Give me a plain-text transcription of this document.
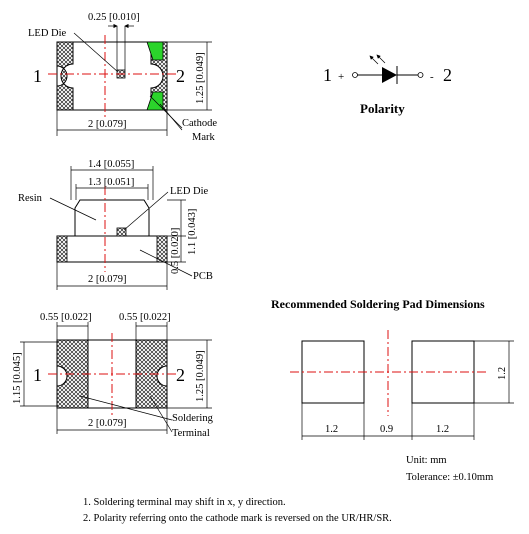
0.25 [0.010]
LED Die
1	2 1.25 [0.049]
2 [0.079]	Cathode
Mark
1 +	- 2
Polarity
1.4 [0.055]
1.3 [0.051]
Resin
LED Die
1.1 [0.043]
0.5 [0.020]
2 [0.079]	PCB
0.55 [0.022]	0.55 [0.022]
1	2
1.15 [0.045]	1.25 [0.049]
2 [0.079]	Soldering
Terminal
Recommended Soldering Pad Dimensions
1.2	0.9	1.2
1.2
Unit: mm
Tolerance: ±0.10mm
1. Soldering terminal may shift in x, y direction.
2. Polarity referring onto the cathode mark is reversed on the UR/HR/SR.
